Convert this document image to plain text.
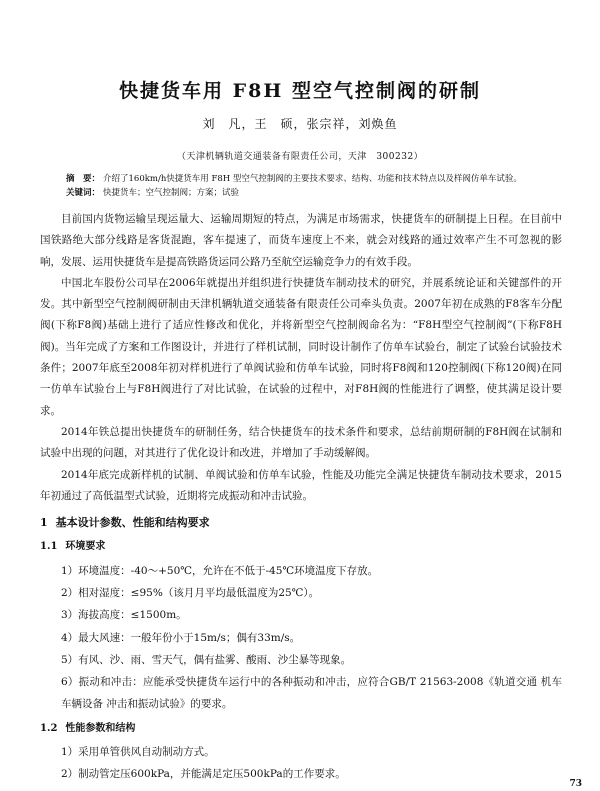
快捷货车用 F8H 型空气控制阀的研制
刘　凡，王　硕，张宗祥，刘焕鱼
（天津机辆轨道交通装备有限责任公司，天津　300232）
摘　要： 介绍了160km/h快捷货车用 F8H 型空气控制阀的主要技术要求、结构、功能和技术特点以及样阀仿单车试验。
关键词： 快捷货车；空气控制阀；方案；试验

目前国内货物运输呈现运量大、运输周期短的特点，为满足市场需求，快捷货车的研制提上日程。在目前中国铁路绝大部分线路是客货混跑，客车提速了，而货车速度上不来，就会对线路的通过效率产生不可忽视的影响，发展、运用快捷货车是提高铁路货运同公路乃至航空运输竞争力的有效手段。

中国北车股份公司早在2006年就提出并组织进行快捷货车制动技术的研究，并展系统论证和关键部件的开发。其中新型空气控制阀研制由天津机辆轨道交通装备有限责任公司牵头负责。2007年初在成熟的F8客车分配阀(下称F8阀)基础上进行了适应性修改和优化，并将新型空气控制阀命名为：“F8H型空气控制阀”(下称F8H阀)。当年完成了方案和工作图设计，并进行了样机试制，同时设计制作了仿单车试验台，制定了试验台试验技术条件；2007年底至2008年初对样机进行了单阀试验和仿单车试验，同时将F8阀和120控制阀(下称120阀)在同一仿单车试验台上与F8H阀进行了对比试验，在试验的过程中，对F8H阀的性能进行了调整，使其满足设计要求。

2014年铁总提出快捷货车的研制任务，结合快捷货车的技术条件和要求，总结前期研制的F8H阀在试制和试验中出现的问题，对其进行了优化设计和改进，并增加了手动缓解阀。

2014年底完成新样机的试制、单阀试验和仿单车试验，性能及功能完全满足快捷货车制动技术要求，2015年初通过了高低温型式试验，近期将完成振动和冲击试验。

1 基本设计参数、性能和结构要求
1.1 环境要求

1）环境温度：-40～+50℃，允许在不低于-45℃环境温度下存放。

2）相对湿度：≤95%（该月月平均最低温度为25℃）。

3）海拔高度：≤1500m。

4）最大风速：一般年份小于15m/s；偶有33m/s。

5）有风、沙、雨、雪天气，偶有盐雾、酸雨、沙尘暴等现象。

6）振动和冲击：应能承受快捷货车运行中的各种振动和冲击，应符合GB/T 21563-2008《轨道交通 机车车辆设备 冲击和振动试验》的要求。

1.2 性能参数和结构

1）采用单管供风自动制动方式。

2）制动管定压600kPa，并能满足定压500kPa的工作要求。

73
